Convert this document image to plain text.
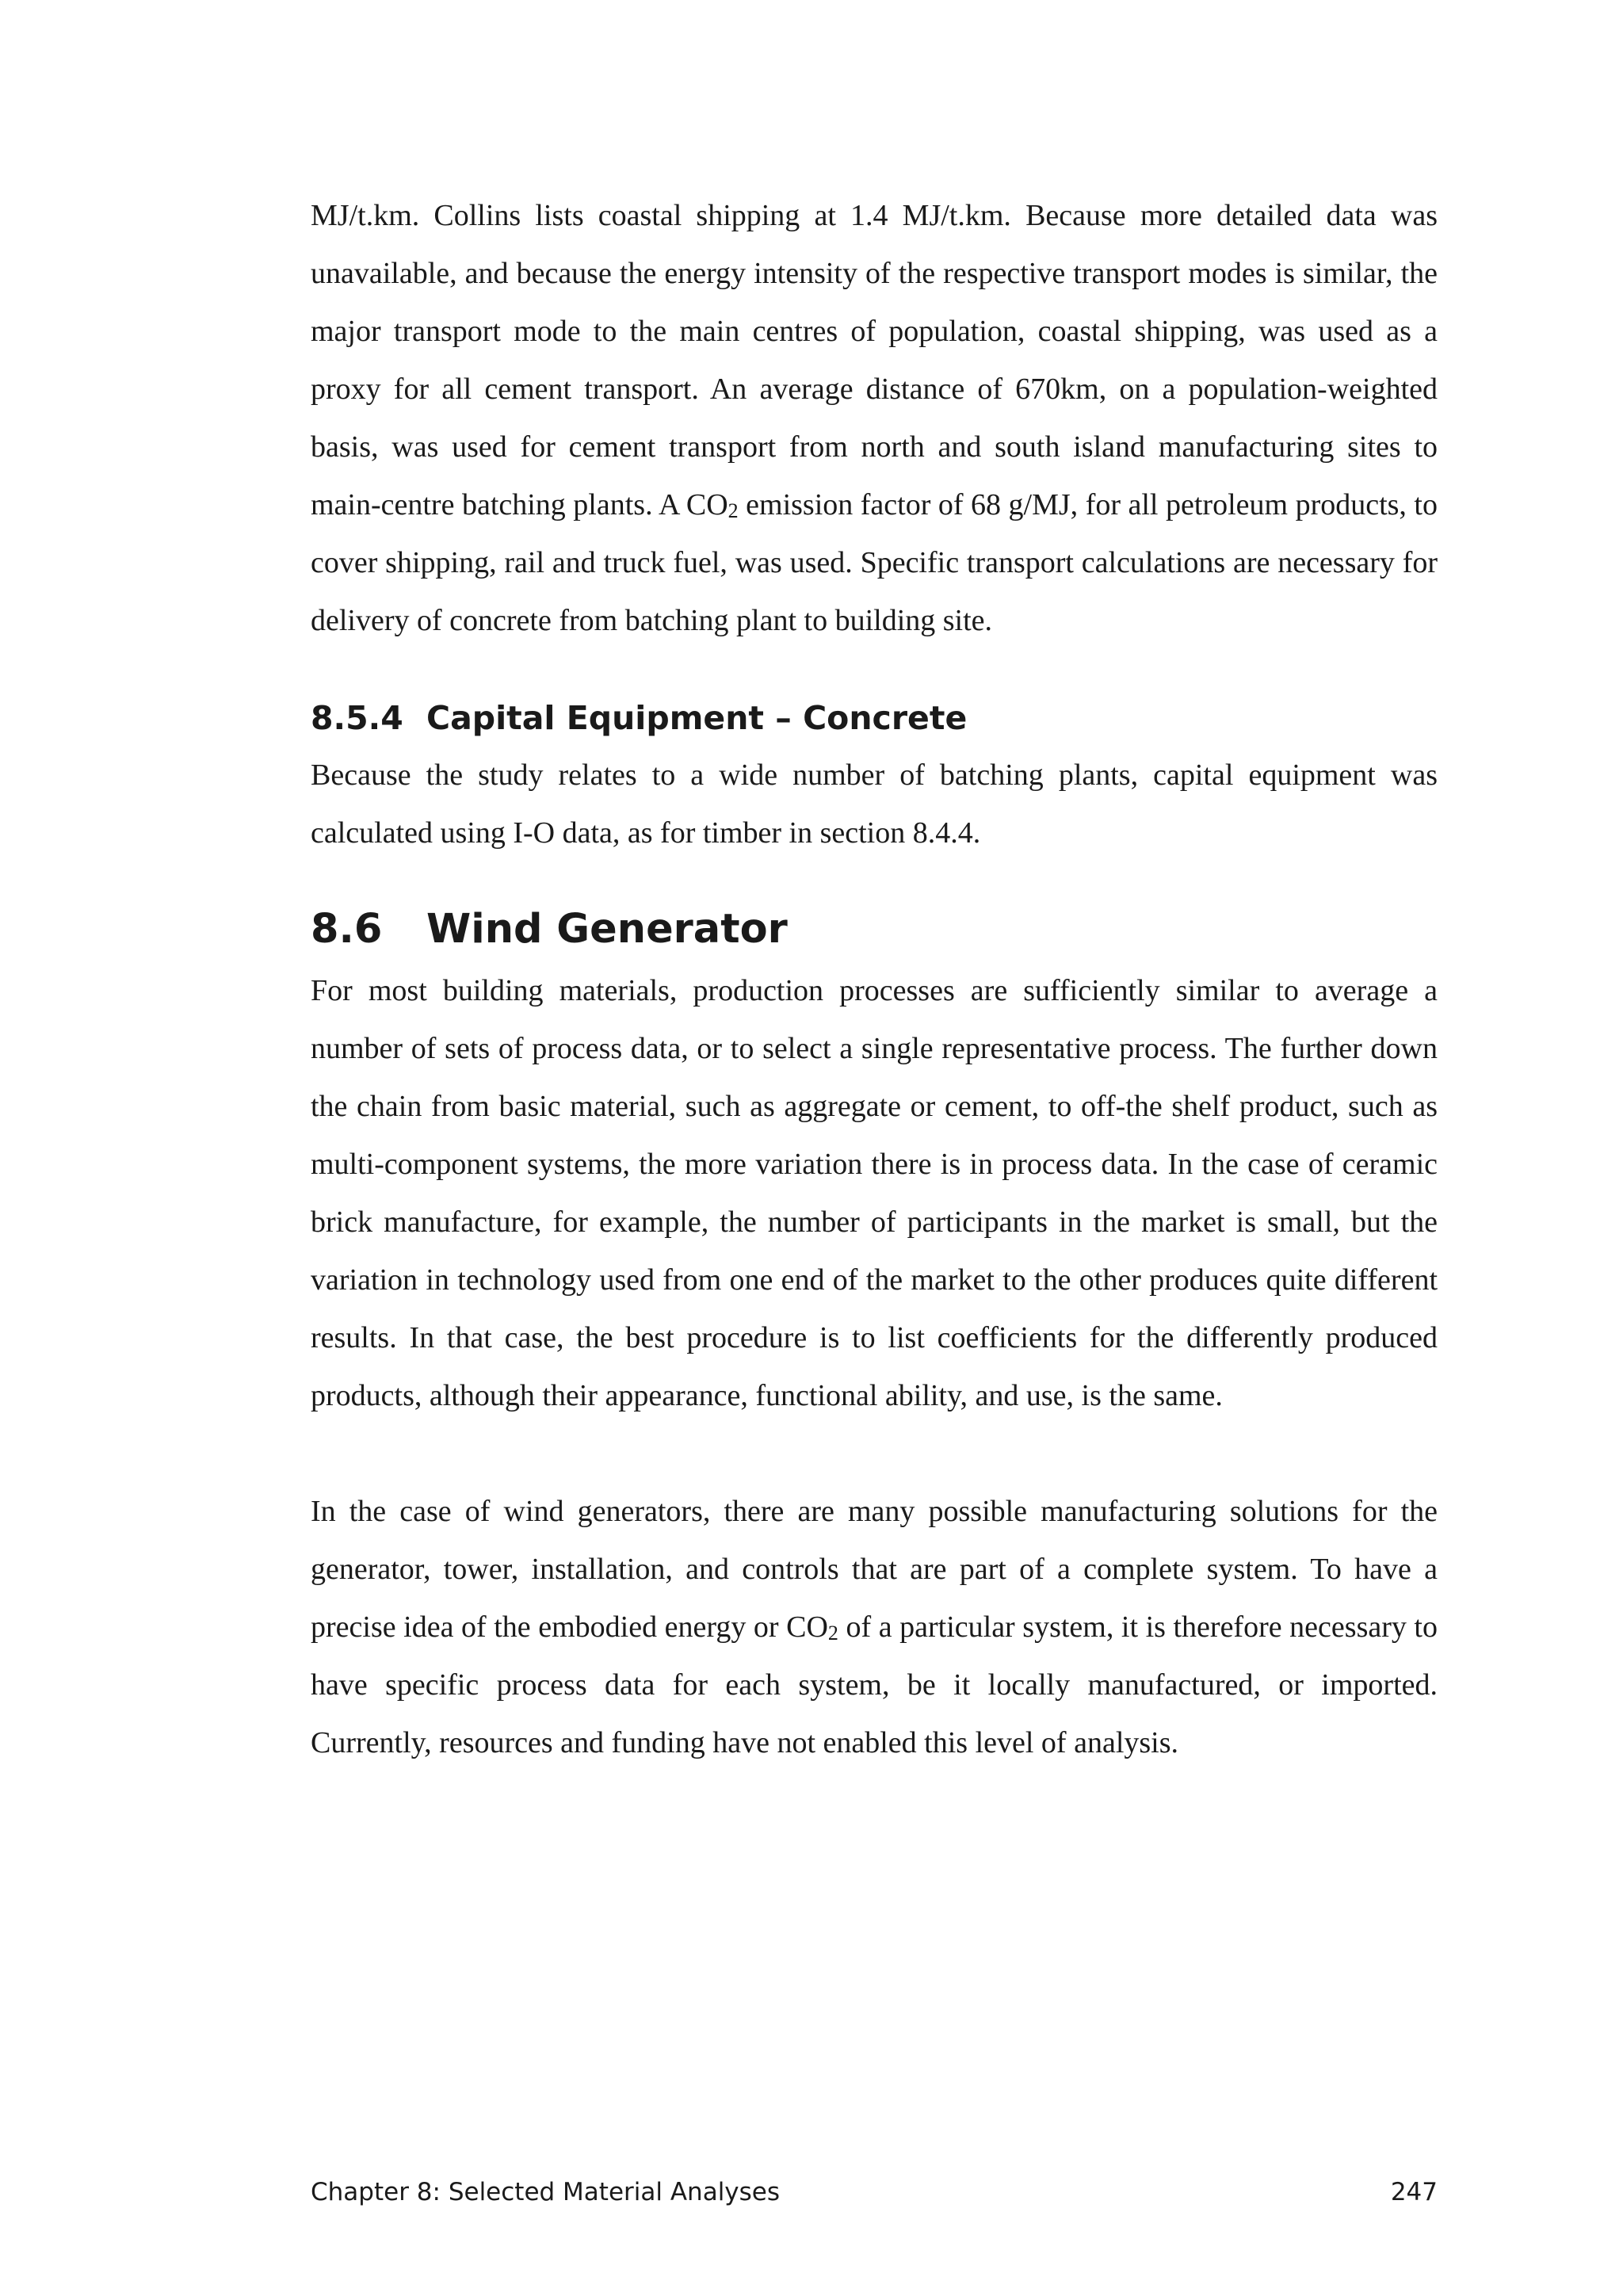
MJ/t.km. Collins lists coastal shipping at 1.4 MJ/t.km. Because more detailed data was unavailable, and because the energy intensity of the respective transport modes is similar, the major transport mode to the main centres of population, coastal shipping, was used as a proxy for all cement transport. An average distance of 670km, on a population-weighted basis, was used for cement transport from north and south island manufacturing sites to main-centre batching plants. A $CO_2$ emission factor of 68 g/MJ, for all petroleum products, to cover shipping, rail and truck fuel, was used. Specific transport calculations are necessary for delivery of concrete from batching plant to building site.

8.5.4 Capital Equipment – Concrete

Because the study relates to a wide number of batching plants, capital equipment was calculated using I-O data, as for timber in section 8.4.4.

8.6	Wind Generator

For most building materials, production processes are sufficiently similar to average a number of sets of process data, or to select a single representative process. The further down the chain from basic material, such as aggregate or cement, to off-the shelf product, such as multi-component systems, the more variation there is in process data. In the case of ceramic brick manufacture, for example, the number of participants in the market is small, but the variation in technology used from one end of the market to the other produces quite different results. In that case, the best procedure is to list coefficients for the differently produced products, although their appearance, functional ability, and use, is the same.

In the case of wind generators, there are many possible manufacturing solutions for the generator, tower, installation, and controls that are part of a complete system. To have a precise idea of the embodied energy or $CO_2$ of a particular system, it is therefore necessary to have specific process data for each system, be it locally manufactured, or imported. Currently, resources and funding have not enabled this level of analysis.

Chapter 8: Selected Material Analyses	247
